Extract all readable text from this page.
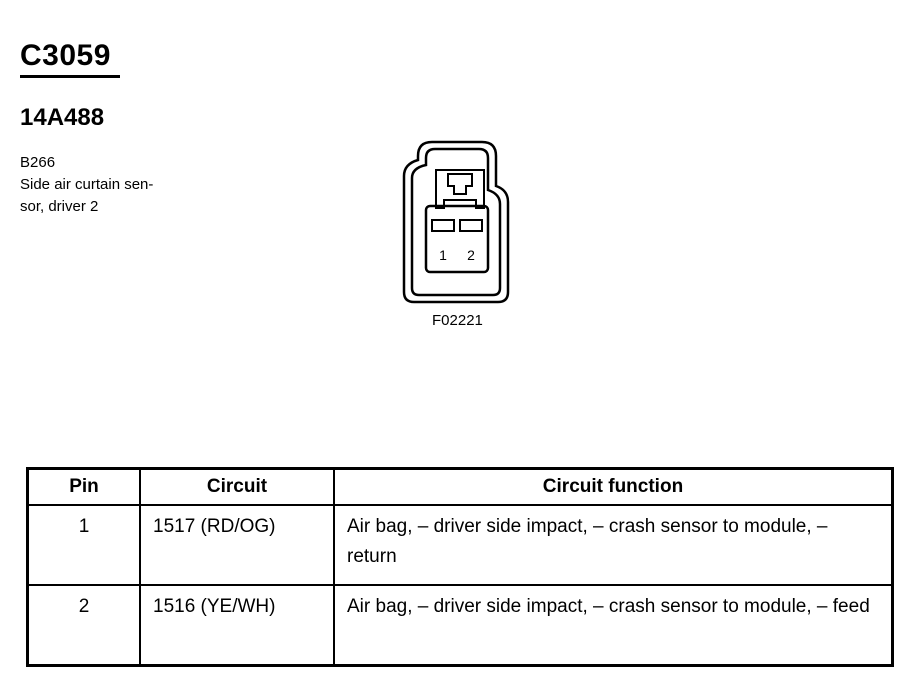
C3059
14A488
B266
Side air curtain sen-
sor, driver 2
1 2
F02221
Pin	Circuit	Circuit function
1	1517 (RD/OG)	Air bag, – driver side impact, – crash sensor to module, – return
2	1516 (YE/WH)	Air bag, – driver side impact, – crash sensor to module, – feed
